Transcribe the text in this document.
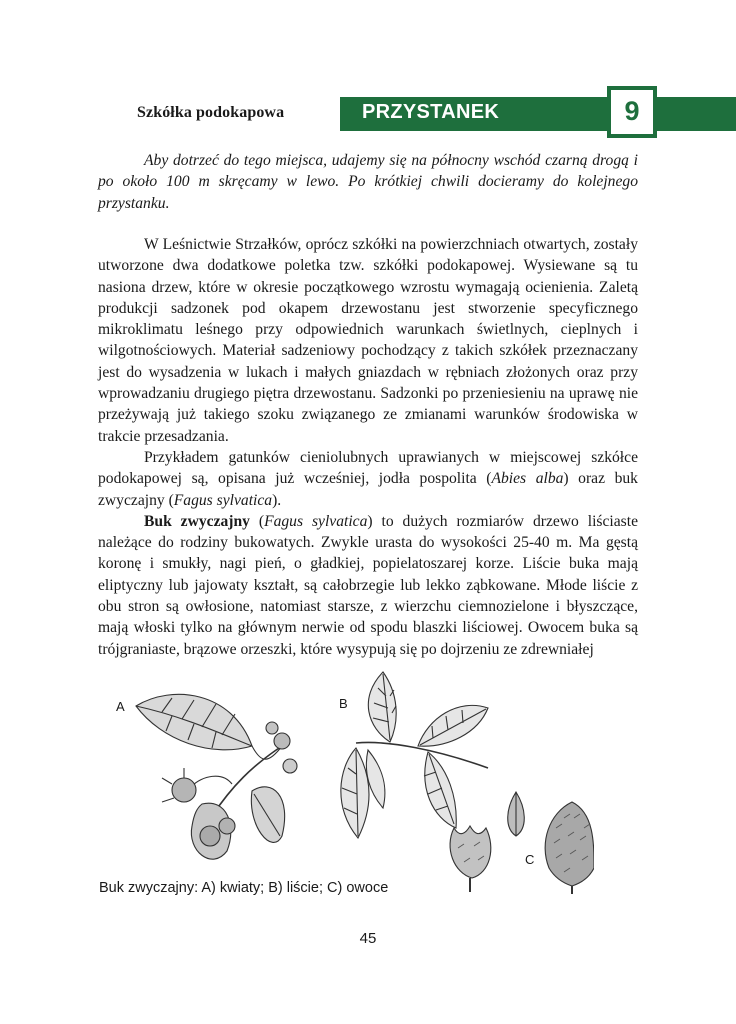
Szkółka podokapowa	PRZYSTANEK	9

Aby dotrzeć do tego miejsca, udajemy się na północny wschód czarną drogą i po około 100 m skręcamy w lewo. Po krótkiej chwili docieramy do kolejnego przystanku.

W Leśnictwie Strzałków, oprócz szkółki na powierzchniach otwartych, zostały utworzone dwa dodatkowe poletka tzw. szkółki podokapowej. Wysiewane są tu nasiona drzew, które w okresie początkowego wzrostu wymagają ocienienia. Zaletą produkcji sadzonek pod okapem drzewostanu jest stworzenie specyficznego mikroklimatu leśnego przy odpowiednich warunkach świetlnych, cieplnych i wilgotnościowych. Materiał sadzeniowy pochodzący z takich szkółek przeznaczany jest do wysadzenia w lukach i małych gniazdach w rębniach złożonych oraz przy wprowadzaniu drugiego piętra drzewostanu. Sadzonki po przeniesieniu na uprawę nie przeżywają już takiego szoku związanego ze zmianami warunków środowiska w trakcie przesadzania.

Przykładem gatunków cieniolubnych uprawianych w miejscowej szkółce podokapowej są, opisana już wcześniej, jodła pospolita (Abies alba) oraz buk zwyczajny (Fagus sylvatica).

Buk zwyczajny (Fagus sylvatica) to dużych rozmiarów drzewo liściaste należące do rodziny bukowatych. Zwykle urasta do wysokości 25-40 m. Ma gęstą koronę i smukły, nagi pień, o gładkiej, popielatoszarej korze. Liście buka mają eliptyczny lub jajowaty kształt, są całobrzegie lub lekko ząbkowane. Młode liście z obu stron są owłosione, natomiast starsze, z wierzchu ciemnozielone i błyszczące, mają włoski tylko na głównym nerwie od spodu blaszki liściowej. Owocem buka są trójgraniaste, brązowe orzeszki, które wysypują się po dojrzeniu ze zdrewniałej

A	B
C
Buk zwyczajny: A) kwiaty; B) liście; C) owoce
45
